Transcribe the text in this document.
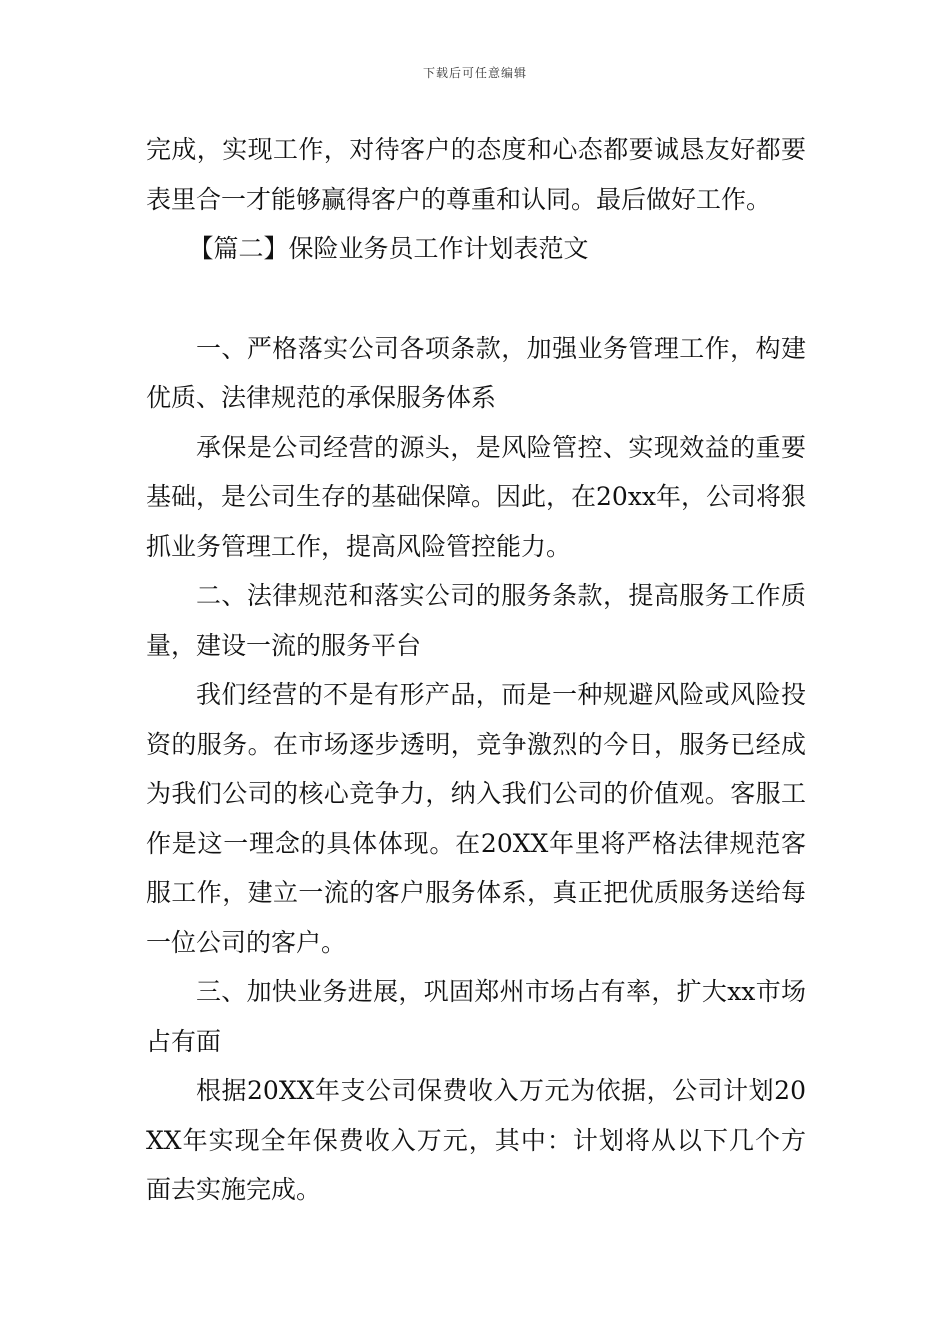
下载后可任意编辑

完成，实现工作，对待客户的态度和心态都要诚恳友好都要表里合一才能够赢得客户的尊重和认同。最后做好工作。

【篇二】保险业务员工作计划表范文

一、严格落实公司各项条款，加强业务管理工作，构建优质、法律规范的承保服务体系

承保是公司经营的源头，是风险管控、实现效益的重要基础，是公司生存的基础保障。因此，在20xx年，公司将狠抓业务管理工作，提高风险管控能力。

二、法律规范和落实公司的服务条款，提高服务工作质量，建设一流的服务平台

我们经营的不是有形产品，而是一种规避风险或风险投资的服务。在市场逐步透明，竞争激烈的今日，服务已经成为我们公司的核心竞争力，纳入我们公司的价值观。客服工作是这一理念的具体体现。在20XX年里将严格法律规范客服工作，建立一流的客户服务体系，真正把优质服务送给每一位公司的客户。

三、加快业务进展，巩固郑州市场占有率，扩大xx市场占有面

根据20XX年支公司保费收入万元为依据，公司计划20XX年实现全年保费收入万元，其中：计划将从以下几个方面去实施完成。
